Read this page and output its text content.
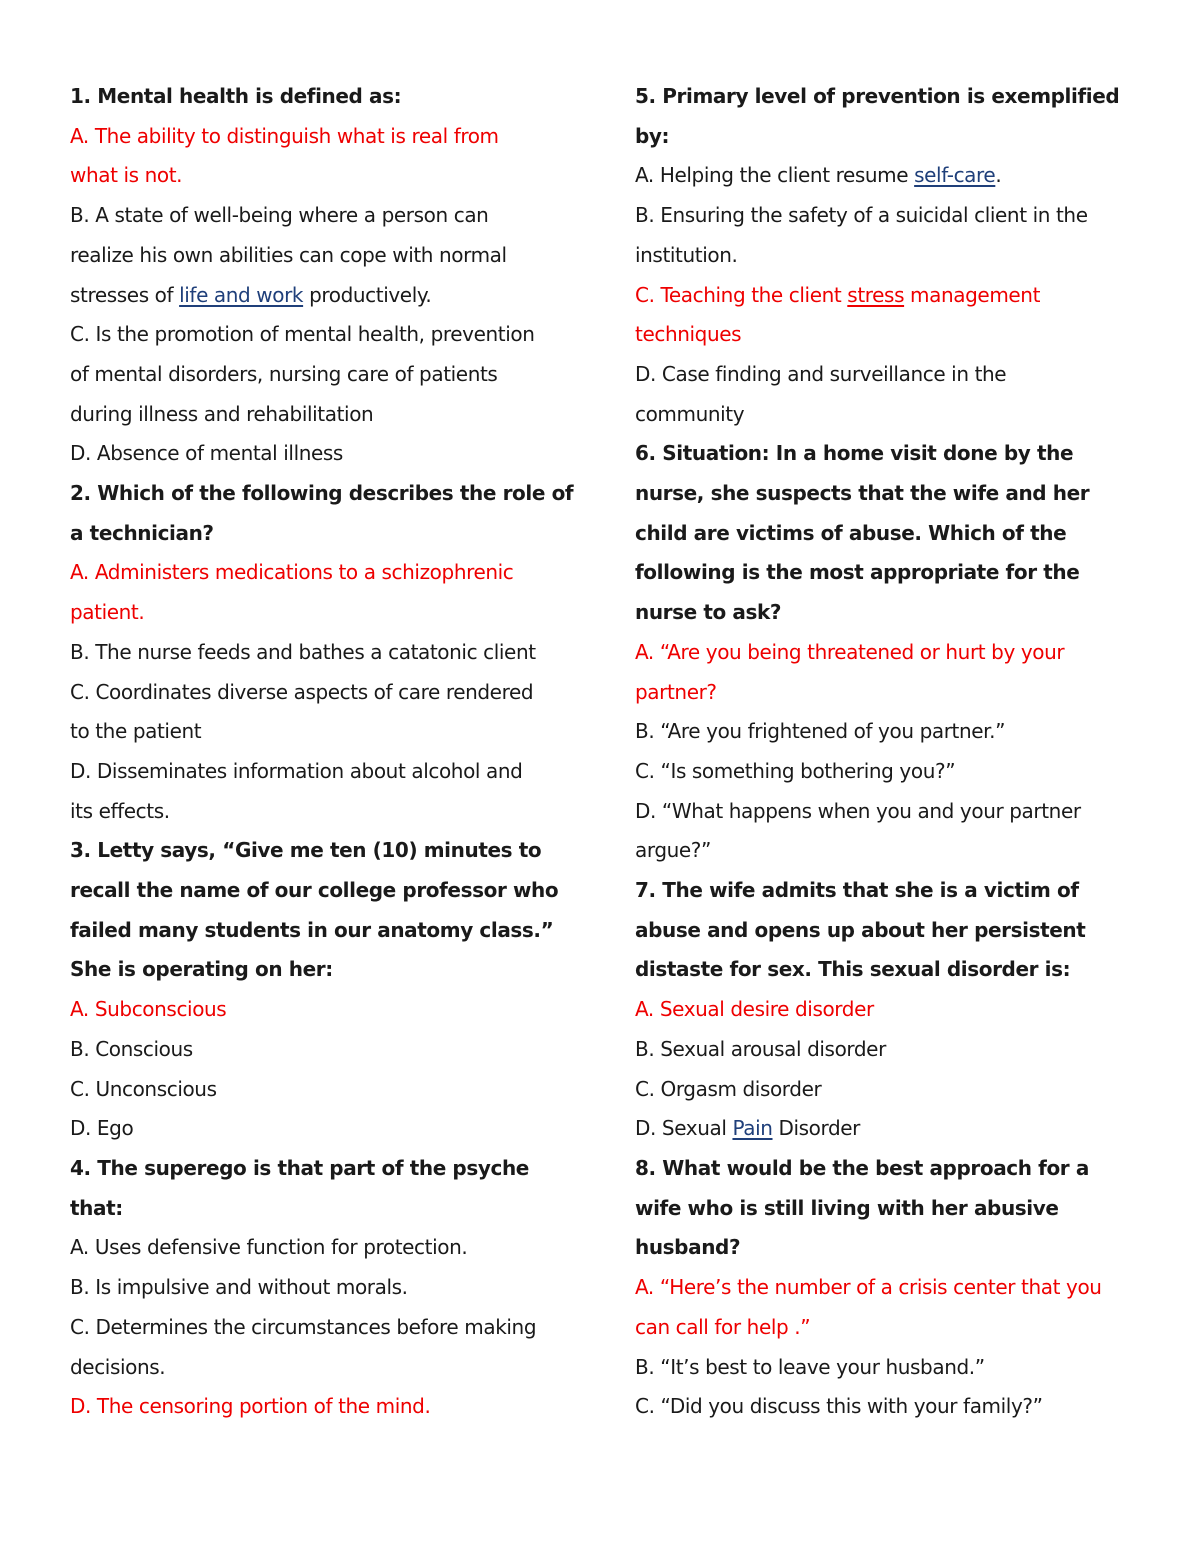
1. Mental health is defined as:
A. The ability to distinguish what is real from
what is not.
B. A state of well-being where a person can
realize his own abilities can cope with normal
stresses of life and work productively.
C. Is the promotion of mental health, prevention
of mental disorders, nursing care of patients
during illness and rehabilitation
D. Absence of mental illness
2. Which of the following describes the role of
a technician?
A. Administers medications to a schizophrenic
patient.
B. The nurse feeds and bathes a catatonic client
C. Coordinates diverse aspects of care rendered
to the patient
D. Disseminates information about alcohol and
its effects.
3. Letty says, “Give me ten (10) minutes to
recall the name of our college professor who
failed many students in our anatomy class.”
She is operating on her:
A. Subconscious
B. Conscious
C. Unconscious
D. Ego
4. The superego is that part of the psyche
that:
A. Uses defensive function for protection.
B. Is impulsive and without morals.
C. Determines the circumstances before making
decisions.
D. The censoring portion of the mind.
5. Primary level of prevention is exemplified
by:
A. Helping the client resume self-care.
B. Ensuring the safety of a suicidal client in the
institution.
C. Teaching the client stress management
techniques
D. Case finding and surveillance in the
community
6. Situation: In a home visit done by the
nurse, she suspects that the wife and her
child are victims of abuse. Which of the
following is the most appropriate for the
nurse to ask?
A. “Are you being threatened or hurt by your
partner?
B. “Are you frightened of you partner.”
C. “Is something bothering you?”
D. “What happens when you and your partner
argue?”
7. The wife admits that she is a victim of
abuse and opens up about her persistent
distaste for sex. This sexual disorder is:
A. Sexual desire disorder
B. Sexual arousal disorder
C. Orgasm disorder
D. Sexual Pain Disorder
8. What would be the best approach for a
wife who is still living with her abusive
husband?
A. “Here’s the number of a crisis center that you
can call for help .”
B. “It’s best to leave your husband.”
C. “Did you discuss this with your family?”
